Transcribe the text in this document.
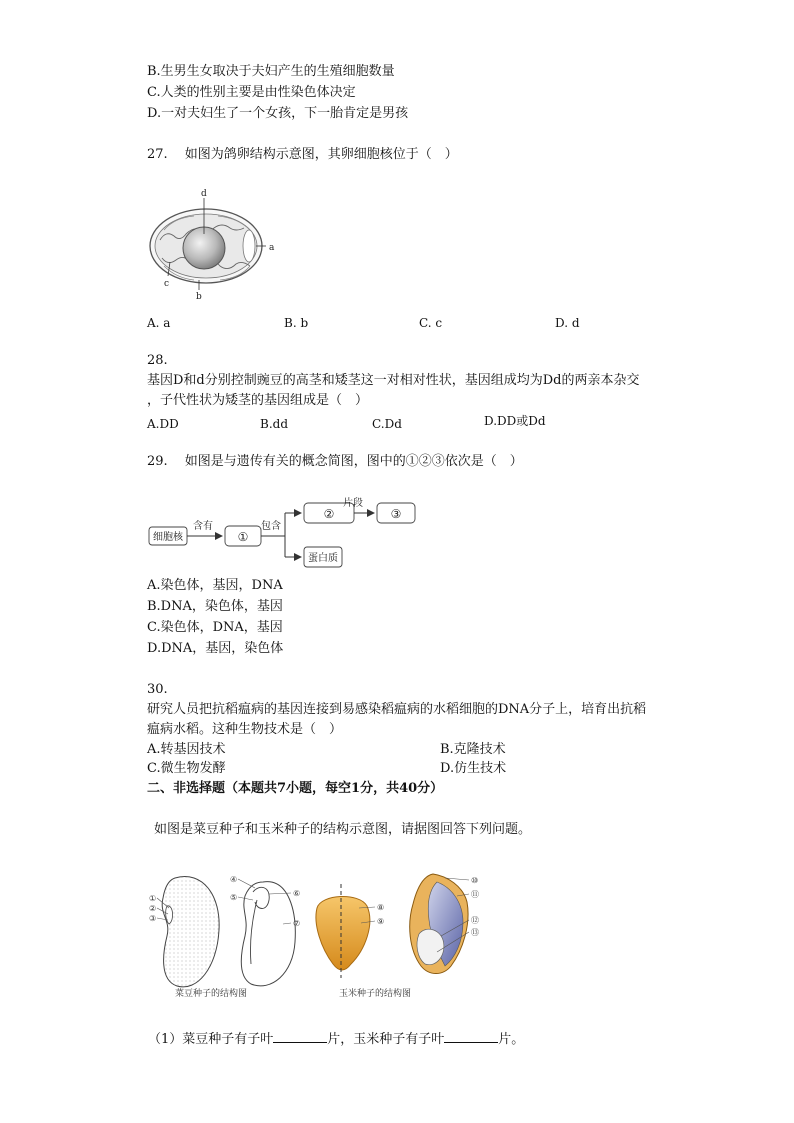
B.生男生女取决于夫妇产生的生殖细胞数量
C.人类的性别主要是由性染色体决定
D.一对夫妇生了一个女孩，下一胎肯定是男孩
27.　 如图为鸽卵结构示意图，其卵细胞核位于（　）
d
a
c
b
A. a	B. b	C. c	D. d
28.
基因D和d分别控制豌豆的高茎和矮茎这一对相对性状，基因组成均为Dd的两亲本杂交
，子代性状为矮茎的基因组成是（　）
A.DD	B.dd	C.Dd	D.DD或Dd
29.　 如图是与遗传有关的概念简图，图中的①②③依次是（　）
细胞核
含有
①
包含
②
片段
③
蛋白质
A.染色体，基因，DNA
B.DNA，染色体，基因
C.染色体，DNA，基因
D.DNA，基因，染色体
30.
研究人员把抗稻瘟病的基因连接到易感染稻瘟病的水稻细胞的DNA分子上，培育出抗稻
瘟病水稻。这种生物技术是（　）
A.转基因技术	B.克隆技术
C.微生物发酵	D.仿生技术
二、非选择题（本题共7小题，每空1分，共40分）
如图是菜豆种子和玉米种子的结构示意图，请据图回答下列问题。
①
②
③
④
⑤	⑥
⑦
⑧
⑨
⑩
⑪
⑫
⑬
菜豆种子的结构图	玉米种子的结构图
（1）菜豆种子有子叶	片，玉米种子有子叶	片。
